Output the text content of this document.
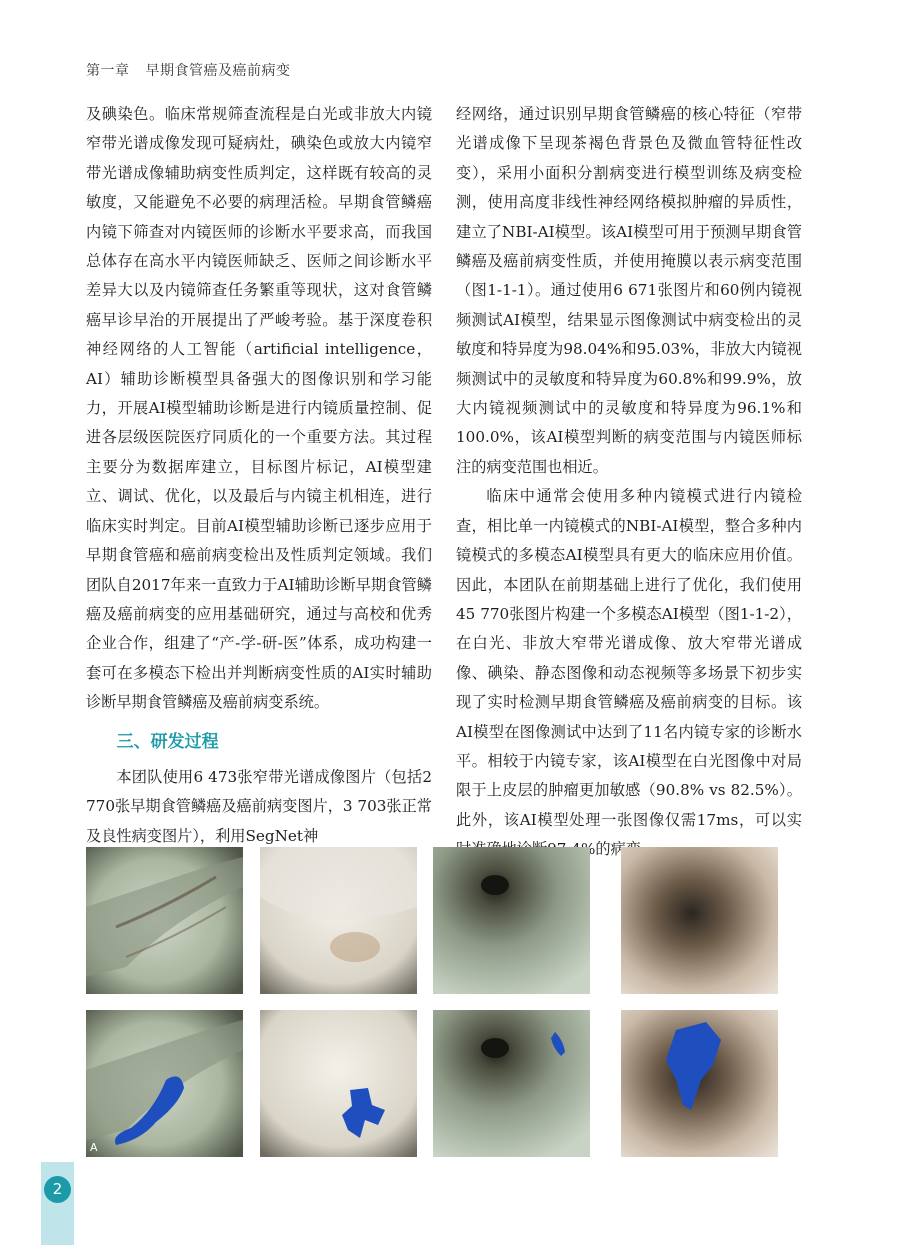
第一章 早期食管癌及癌前病变

及碘染色。临床常规筛查流程是白光或非放大内镜窄带光谱成像发现可疑病灶，碘染色或放大内镜窄带光谱成像辅助病变性质判定，这样既有较高的灵敏度，又能避免不必要的病理活检。早期食管鳞癌内镜下筛查对内镜医师的诊断水平要求高，而我国总体存在高水平内镜医师缺乏、医师之间诊断水平差异大以及内镜筛查任务繁重等现状，这对食管鳞癌早诊早治的开展提出了严峻考验。基于深度卷积神经网络的人工智能（artificial intelligence，AI）辅助诊断模型具备强大的图像识别和学习能力，开展AI模型辅助诊断是进行内镜质量控制、促进各层级医院医疗同质化的一个重要方法。其过程主要分为数据库建立，目标图片标记，AI模型建立、调试、优化，以及最后与内镜主机相连，进行临床实时判定。目前AI模型辅助诊断已逐步应用于早期食管癌和癌前病变检出及性质判定领域。我们团队自2017年来一直致力于AI辅助诊断早期食管鳞癌及癌前病变的应用基础研究，通过与高校和优秀企业合作，组建了“产-学-研-医”体系，成功构建一套可在多模态下检出并判断病变性质的AI实时辅助诊断早期食管鳞癌及癌前病变系统。

三、研发过程

本团队使用6 473张窄带光谱成像图片（包括2 770张早期食管鳞癌及癌前病变图片，3 703张正常及良性病变图片），利用SegNet神

经网络，通过识别早期食管鳞癌的核心特征（窄带光谱成像下呈现茶褐色背景色及微血管特征性改变），采用小面积分割病变进行模型训练及病变检测，使用高度非线性神经网络模拟肿瘤的异质性，建立了NBI-AI模型。该AI模型可用于预测早期食管鳞癌及癌前病变性质，并使用掩膜以表示病变范围（图1-1-1）。通过使用6 671张图片和60例内镜视频测试AI模型，结果显示图像测试中病变检出的灵敏度和特异度为98.04%和95.03%，非放大内镜视频测试中的灵敏度和特异度为60.8%和99.9%，放大内镜视频测试中的灵敏度和特异度为96.1%和100.0%，该AI模型判断的病变范围与内镜医师标注的病变范围也相近。

临床中通常会使用多种内镜模式进行内镜检查，相比单一内镜模式的NBI-AI模型，整合多种内镜模式的多模态AI模型具有更大的临床应用价值。因此，本团队在前期基础上进行了优化，我们使用45 770张图片构建一个多模态AI模型（图1-1-2），在白光、非放大窄带光谱成像、放大窄带光谱成像、碘染、静态图像和动态视频等多场景下初步实现了实时检测早期食管鳞癌及癌前病变的目标。该AI模型在图像测试中达到了11名内镜专家的诊断水平。相较于内镜专家，该AI模型在白光图像中对局限于上皮层的肿瘤更加敏感（90.8% vs 82.5%）。此外，该AI模型处理一张图像仅需17ms，可以实 4%的病变。

A
2
